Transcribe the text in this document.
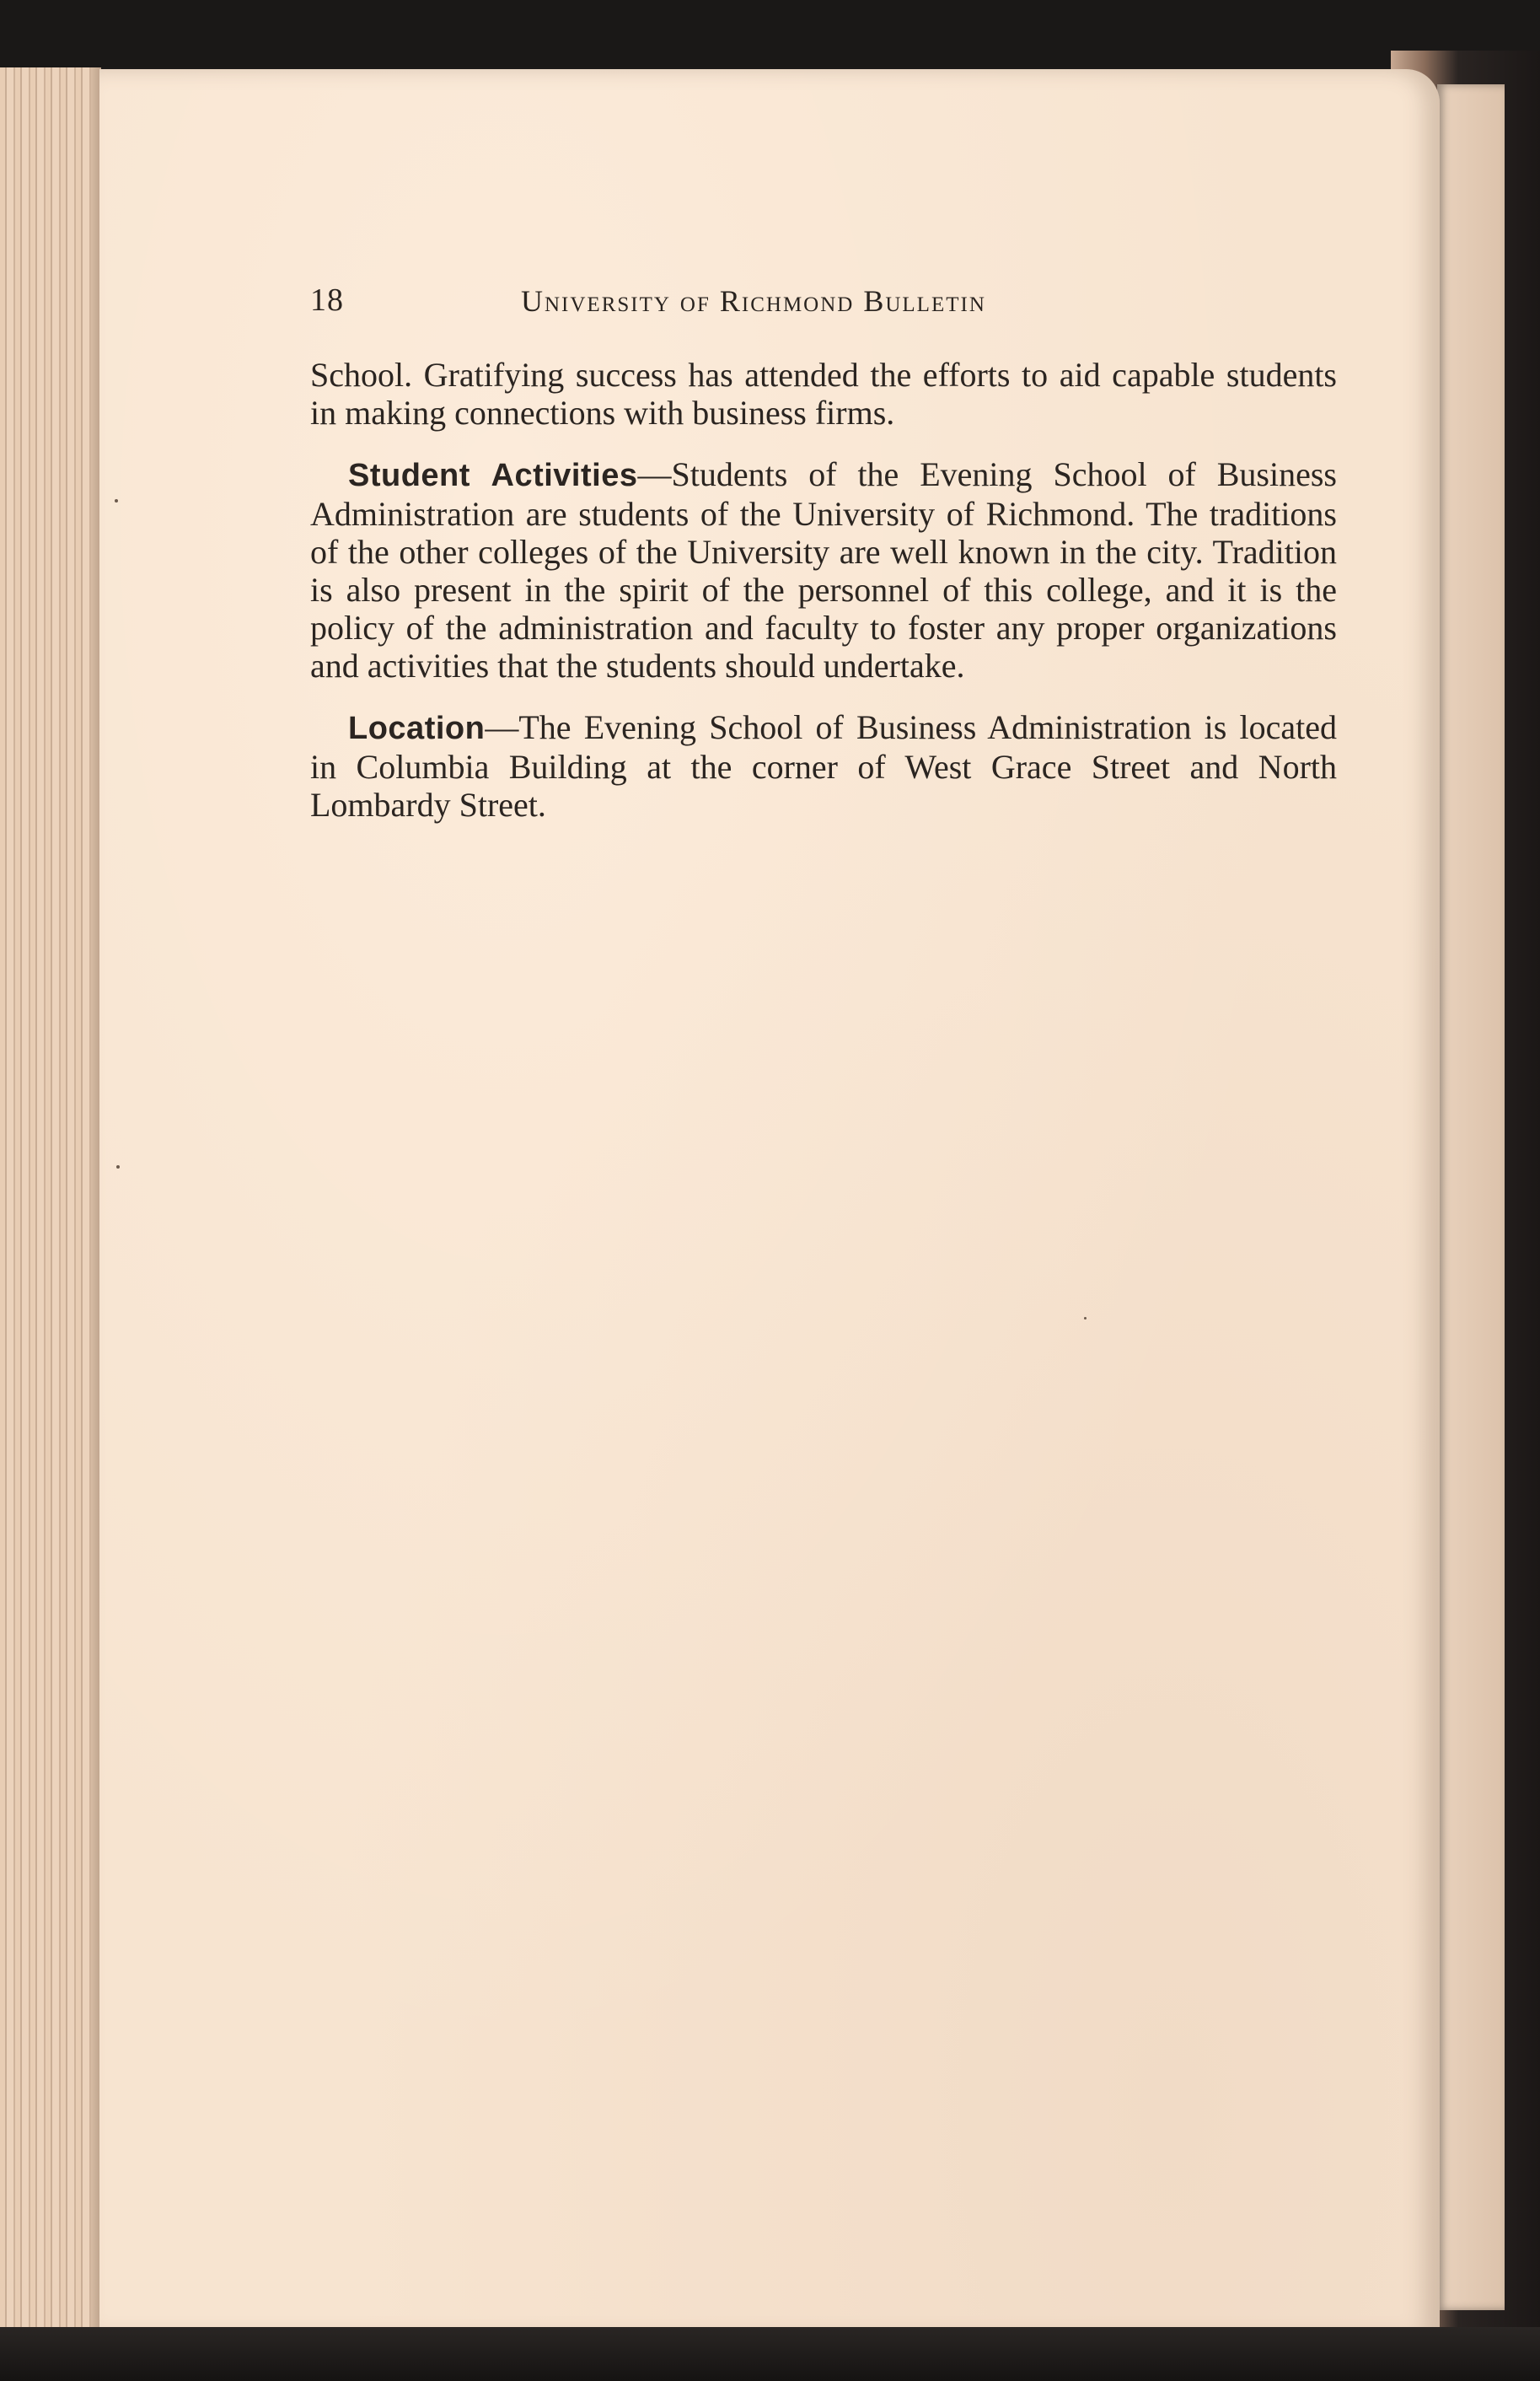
18	University of Richmond Bulletin

School. Gratifying success has attended the efforts to aid capable students in making connections with business firms.

Student Activities—Students of the Evening School of Business Administration are students of the University of Richmond. The traditions of the other colleges of the University are well known in the city. Tradition is also present in the spirit of the personnel of this college, and it is the policy of the administration and faculty to foster any proper organizations and activities that the students should undertake.

Location—The Evening School of Business Administration is located in Columbia Building at the corner of West Grace Street and North Lombardy Street.
